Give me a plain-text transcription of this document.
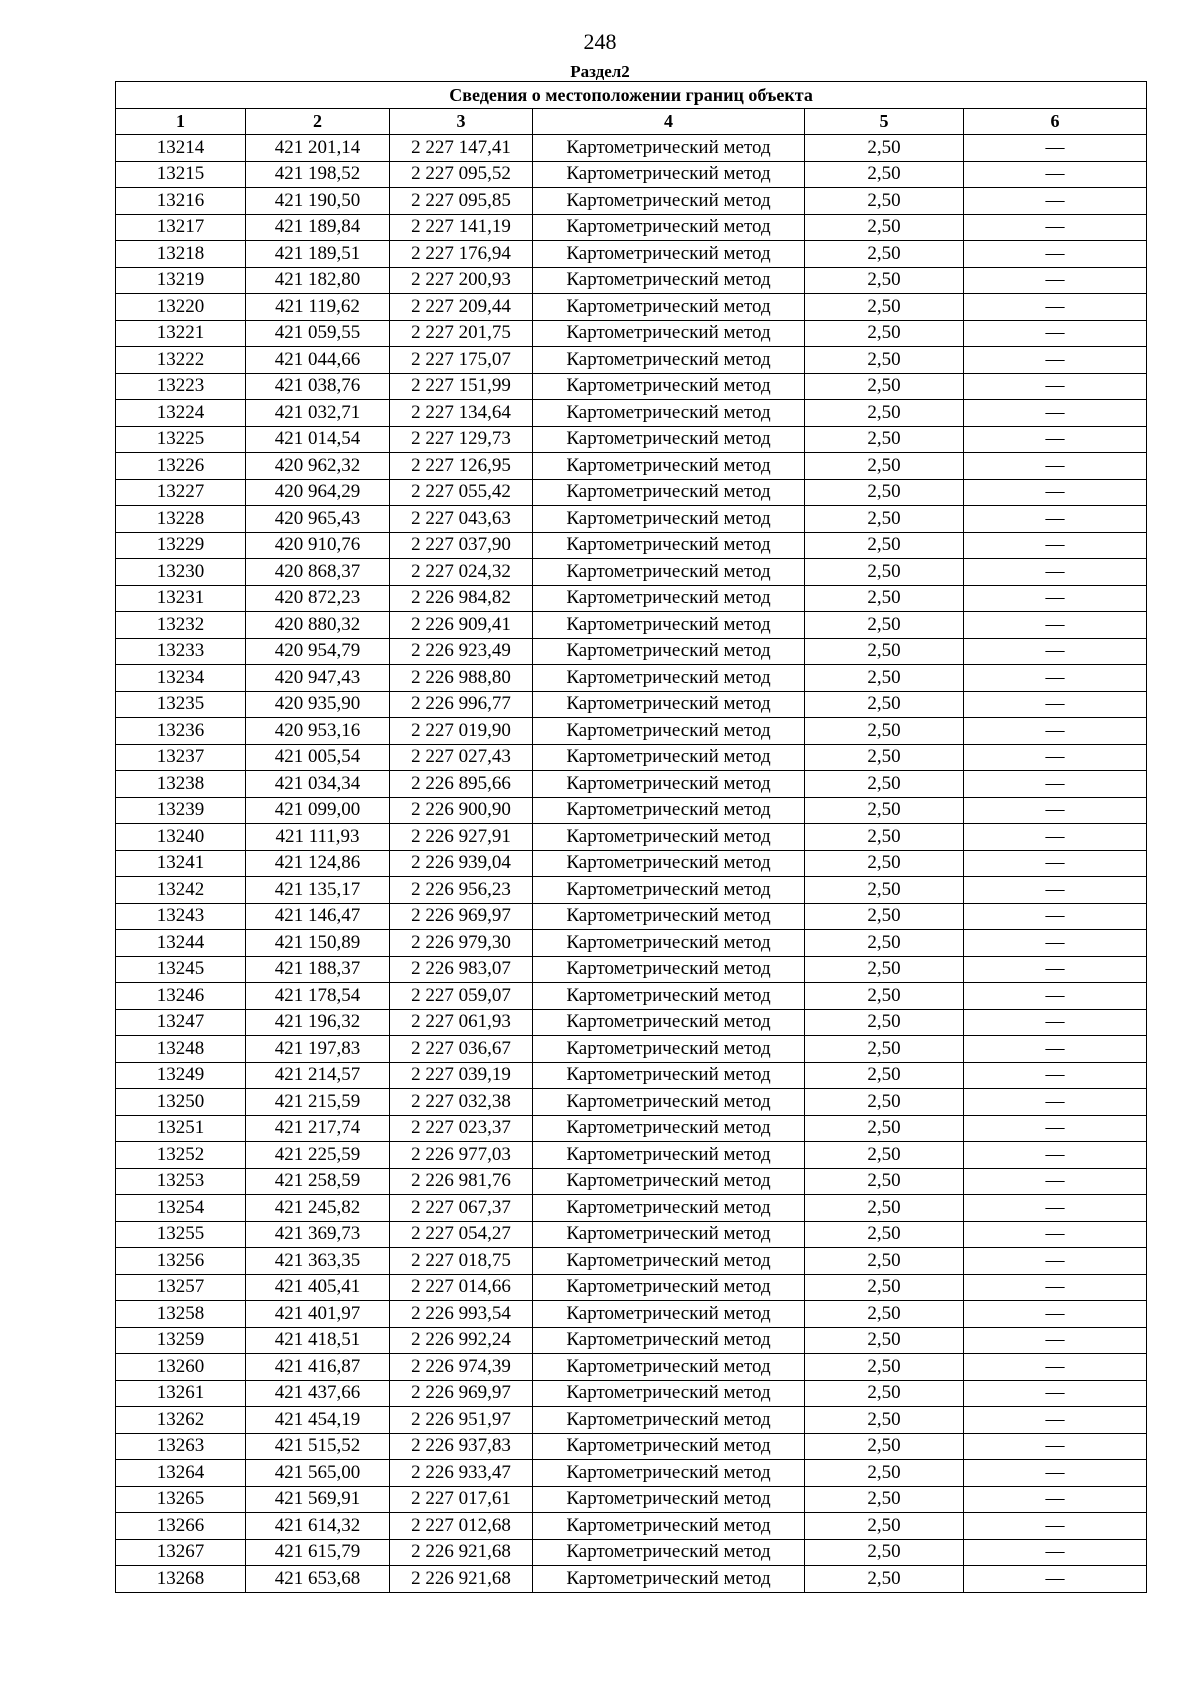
248
Раздел2
Сведения о местоположении границ объекта					
1	2	3	4	5	6
13214	421 201,14	2 227 147,41	Картометрический метод	2,50	—
13215	421 198,52	2 227 095,52	Картометрический метод	2,50	—
13216	421 190,50	2 227 095,85	Картометрический метод	2,50	—
13217	421 189,84	2 227 141,19	Картометрический метод	2,50	—
13218	421 189,51	2 227 176,94	Картометрический метод	2,50	—
13219	421 182,80	2 227 200,93	Картометрический метод	2,50	—
13220	421 119,62	2 227 209,44	Картометрический метод	2,50	—
13221	421 059,55	2 227 201,75	Картометрический метод	2,50	—
13222	421 044,66	2 227 175,07	Картометрический метод	2,50	—
13223	421 038,76	2 227 151,99	Картометрический метод	2,50	—
13224	421 032,71	2 227 134,64	Картометрический метод	2,50	—
13225	421 014,54	2 227 129,73	Картометрический метод	2,50	—
13226	420 962,32	2 227 126,95	Картометрический метод	2,50	—
13227	420 964,29	2 227 055,42	Картометрический метод	2,50	—
13228	420 965,43	2 227 043,63	Картометрический метод	2,50	—
13229	420 910,76	2 227 037,90	Картометрический метод	2,50	—
13230	420 868,37	2 227 024,32	Картометрический метод	2,50	—
13231	420 872,23	2 226 984,82	Картометрический метод	2,50	—
13232	420 880,32	2 226 909,41	Картометрический метод	2,50	—
13233	420 954,79	2 226 923,49	Картометрический метод	2,50	—
13234	420 947,43	2 226 988,80	Картометрический метод	2,50	—
13235	420 935,90	2 226 996,77	Картометрический метод	2,50	—
13236	420 953,16	2 227 019,90	Картометрический метод	2,50	—
13237	421 005,54	2 227 027,43	Картометрический метод	2,50	—
13238	421 034,34	2 226 895,66	Картометрический метод	2,50	—
13239	421 099,00	2 226 900,90	Картометрический метод	2,50	—
13240	421 111,93	2 226 927,91	Картометрический метод	2,50	—
13241	421 124,86	2 226 939,04	Картометрический метод	2,50	—
13242	421 135,17	2 226 956,23	Картометрический метод	2,50	—
13243	421 146,47	2 226 969,97	Картометрический метод	2,50	—
13244	421 150,89	2 226 979,30	Картометрический метод	2,50	—
13245	421 188,37	2 226 983,07	Картометрический метод	2,50	—
13246	421 178,54	2 227 059,07	Картометрический метод	2,50	—
13247	421 196,32	2 227 061,93	Картометрический метод	2,50	—
13248	421 197,83	2 227 036,67	Картометрический метод	2,50	—
13249	421 214,57	2 227 039,19	Картометрический метод	2,50	—
13250	421 215,59	2 227 032,38	Картометрический метод	2,50	—
13251	421 217,74	2 227 023,37	Картометрический метод	2,50	—
13252	421 225,59	2 226 977,03	Картометрический метод	2,50	—
13253	421 258,59	2 226 981,76	Картометрический метод	2,50	—
13254	421 245,82	2 227 067,37	Картометрический метод	2,50	—
13255	421 369,73	2 227 054,27	Картометрический метод	2,50	—
13256	421 363,35	2 227 018,75	Картометрический метод	2,50	—
13257	421 405,41	2 227 014,66	Картометрический метод	2,50	—
13258	421 401,97	2 226 993,54	Картометрический метод	2,50	—
13259	421 418,51	2 226 992,24	Картометрический метод	2,50	—
13260	421 416,87	2 226 974,39	Картометрический метод	2,50	—
13261	421 437,66	2 226 969,97	Картометрический метод	2,50	—
13262	421 454,19	2 226 951,97	Картометрический метод	2,50	—
13263	421 515,52	2 226 937,83	Картометрический метод	2,50	—
13264	421 565,00	2 226 933,47	Картометрический метод	2,50	—
13265	421 569,91	2 227 017,61	Картометрический метод	2,50	—
13266	421 614,32	2 227 012,68	Картометрический метод	2,50	—
13267	421 615,79	2 226 921,68	Картометрический метод	2,50	—
13268	421 653,68	2 226 921,68	Картометрический метод	2,50	—
